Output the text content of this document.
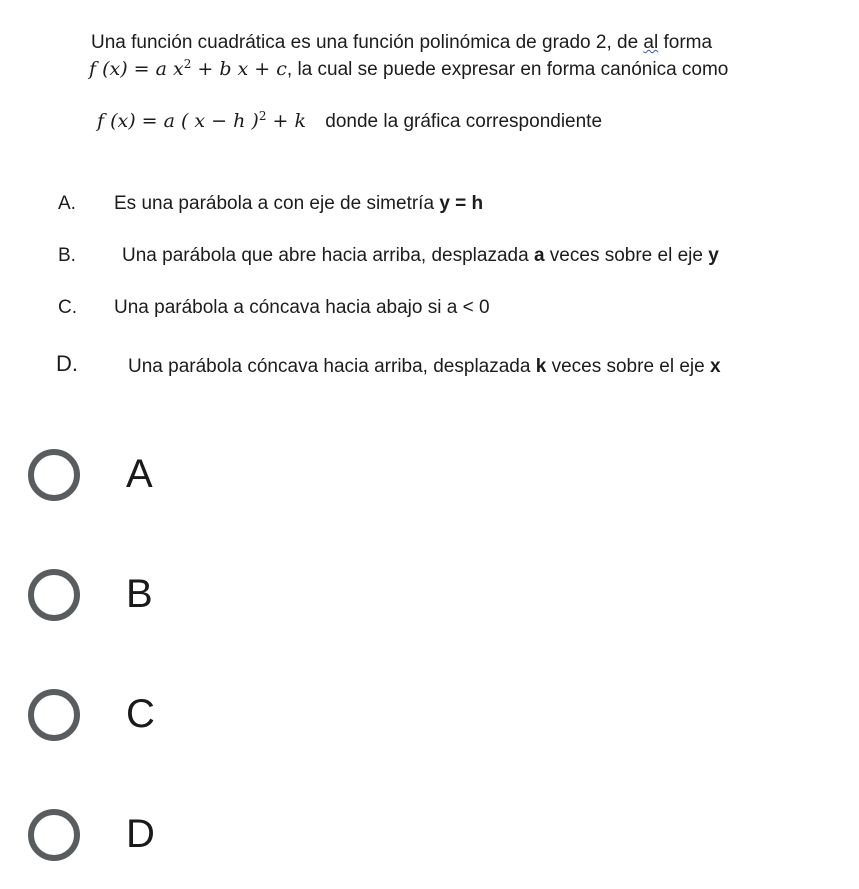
Una función cuadrática es una función polinómica de grado 2, de al forma
f (x) = a $x^2 + b$ x + c, la cual se puede expresar en forma canónica como
f (x) = a ( x − h )$^2$ + k donde la gráfica correspondiente
A. Es una parábola a con eje de simetría y = h
B. Una parábola que abre hacia arriba, desplazada a veces sobre el eje y
C. Una parábola a cóncava hacia abajo si a < 0
D.	Una parábola cóncava hacia arriba, desplazada k veces sobre el eje x
A
B
C
D
